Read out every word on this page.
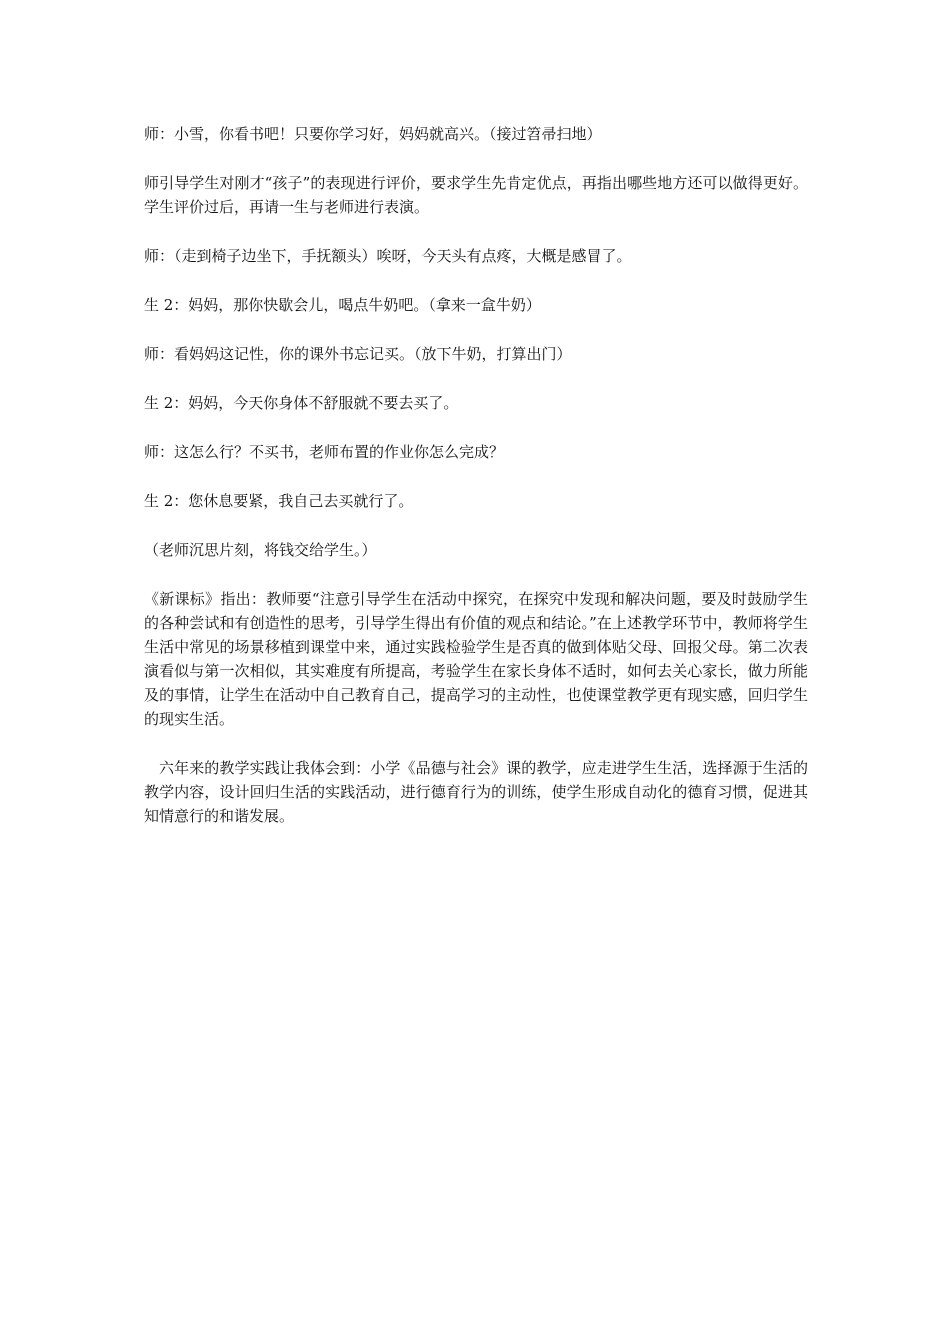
师：小雪，你看书吧！只要你学习好，妈妈就高兴。（接过笤帚扫地）

师引导学生对刚才“孩子”的表现进行评价，要求学生先肯定优点，再指出哪些地方还可以做得更好。学生评价过后，再请一生与老师进行表演。

师：（走到椅子边坐下，手抚额头）唉呀，今天头有点疼，大概是感冒了。

生 2：妈妈，那你快歇会儿，喝点牛奶吧。（拿来一盒牛奶）

师：看妈妈这记性，你的课外书忘记买。（放下牛奶，打算出门）

生 2：妈妈，今天你身体不舒服就不要去买了。

师：这怎么行？不买书，老师布置的作业你怎么完成？

生 2：您休息要紧，我自己去买就行了。

（老师沉思片刻，将钱交给学生。）

《新课标》指出：教师要“注意引导学生在活动中探究，在探究中发现和解决问题，要及时鼓励学生的各种尝试和有创造性的思考，引导学生得出有价值的观点和结论。”在上述教学环节中，教师将学生生活中常见的场景移植到课堂中来，通过实践检验学生是否真的做到体贴父母、回报父母。第二次表演看似与第一次相似，其实难度有所提高，考验学生在家长身体不适时，如何去关心家长，做力所能及的事情，让学生在活动中自己教育自己，提高学习的主动性，也使课堂教学更有现实感，回归学生的现实生活。

六年来的教学实践让我体会到：小学《品德与社会》课的教学，应走进学生生活，选择源于生活的教学内容，设计回归生活的实践活动，进行德育行为的训练，使学生形成自动化的德育习惯，促进其知情意行的和谐发展。
